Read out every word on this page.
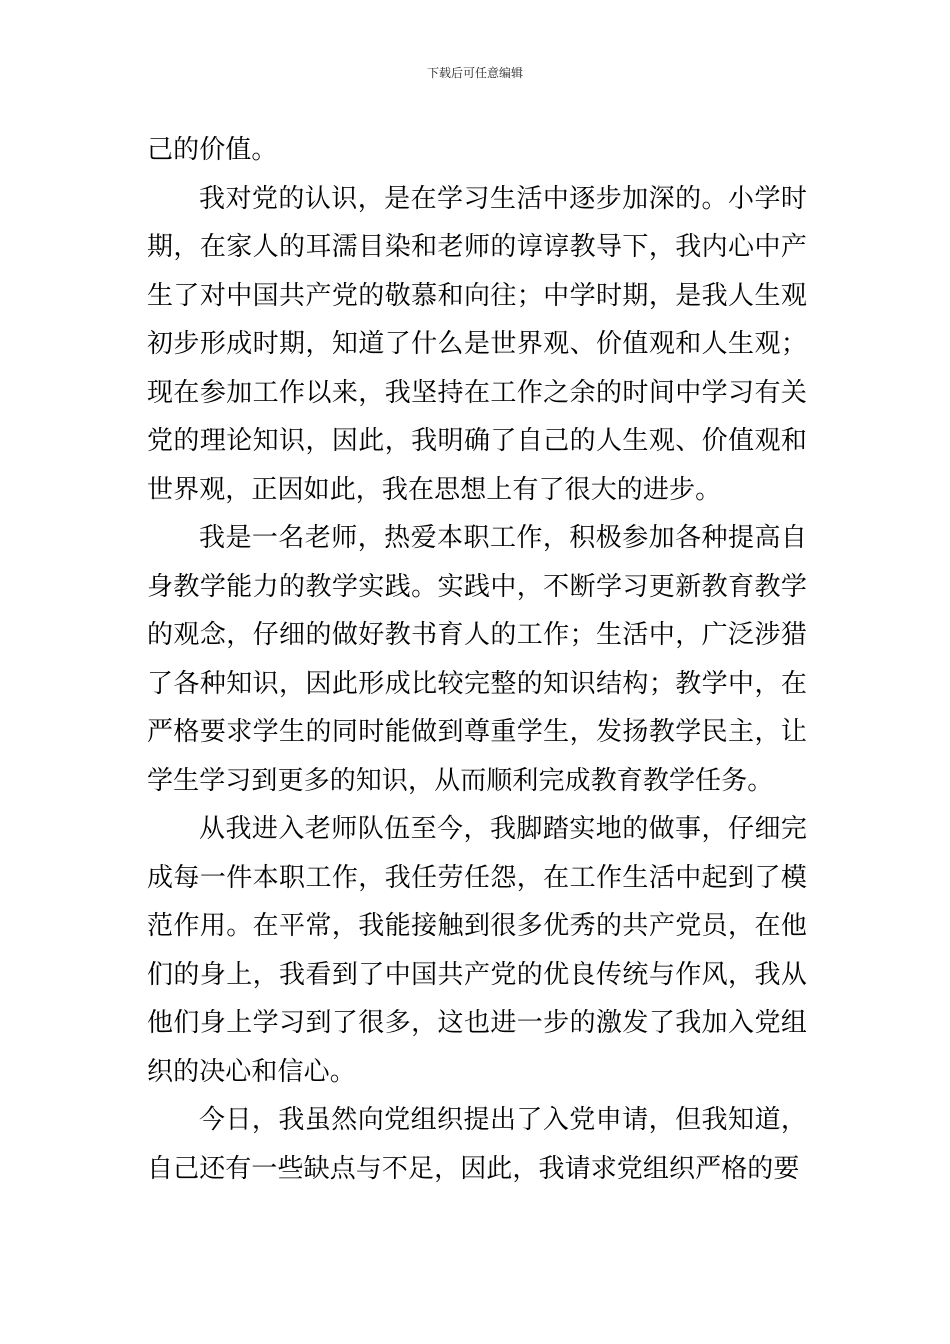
下载后可任意编辑

己的价值。

我对党的认识，是在学习生活中逐步加深的。小学时期，在家人的耳濡目染和老师的谆谆教导下，我内心中产生了对中国共产党的敬慕和向往；中学时期，是我人生观初步形成时期，知道了什么是世界观、价值观和人生观；现在参加工作以来，我坚持在工作之余的时间中学习有关党的理论知识，因此，我明确了自己的人生观、价值观和世界观，正因如此，我在思想上有了很大的进步。

我是一名老师，热爱本职工作，积极参加各种提高自身教学能力的教学实践。实践中，不断学习更新教育教学的观念，仔细的做好教书育人的工作；生活中，广泛涉猎了各种知识，因此形成比较完整的知识结构；教学中，在严格要求学生的同时能做到尊重学生，发扬教学民主，让学生学习到更多的知识，从而顺利完成教育教学任务。

从我进入老师队伍至今，我脚踏实地的做事，仔细完成每一件本职工作，我任劳任怨，在工作生活中起到了模范作用。在平常，我能接触到很多优秀的共产党员，在他们的身上，我看到了中国共产党的优良传统与作风，我从他们身上学习到了很多，这也进一步的激发了我加入党组织的决心和信心。

今日，我虽然向党组织提出了入党申请，但我知道，自己还有一些缺点与不足，因此，我请求党组织严格的要
